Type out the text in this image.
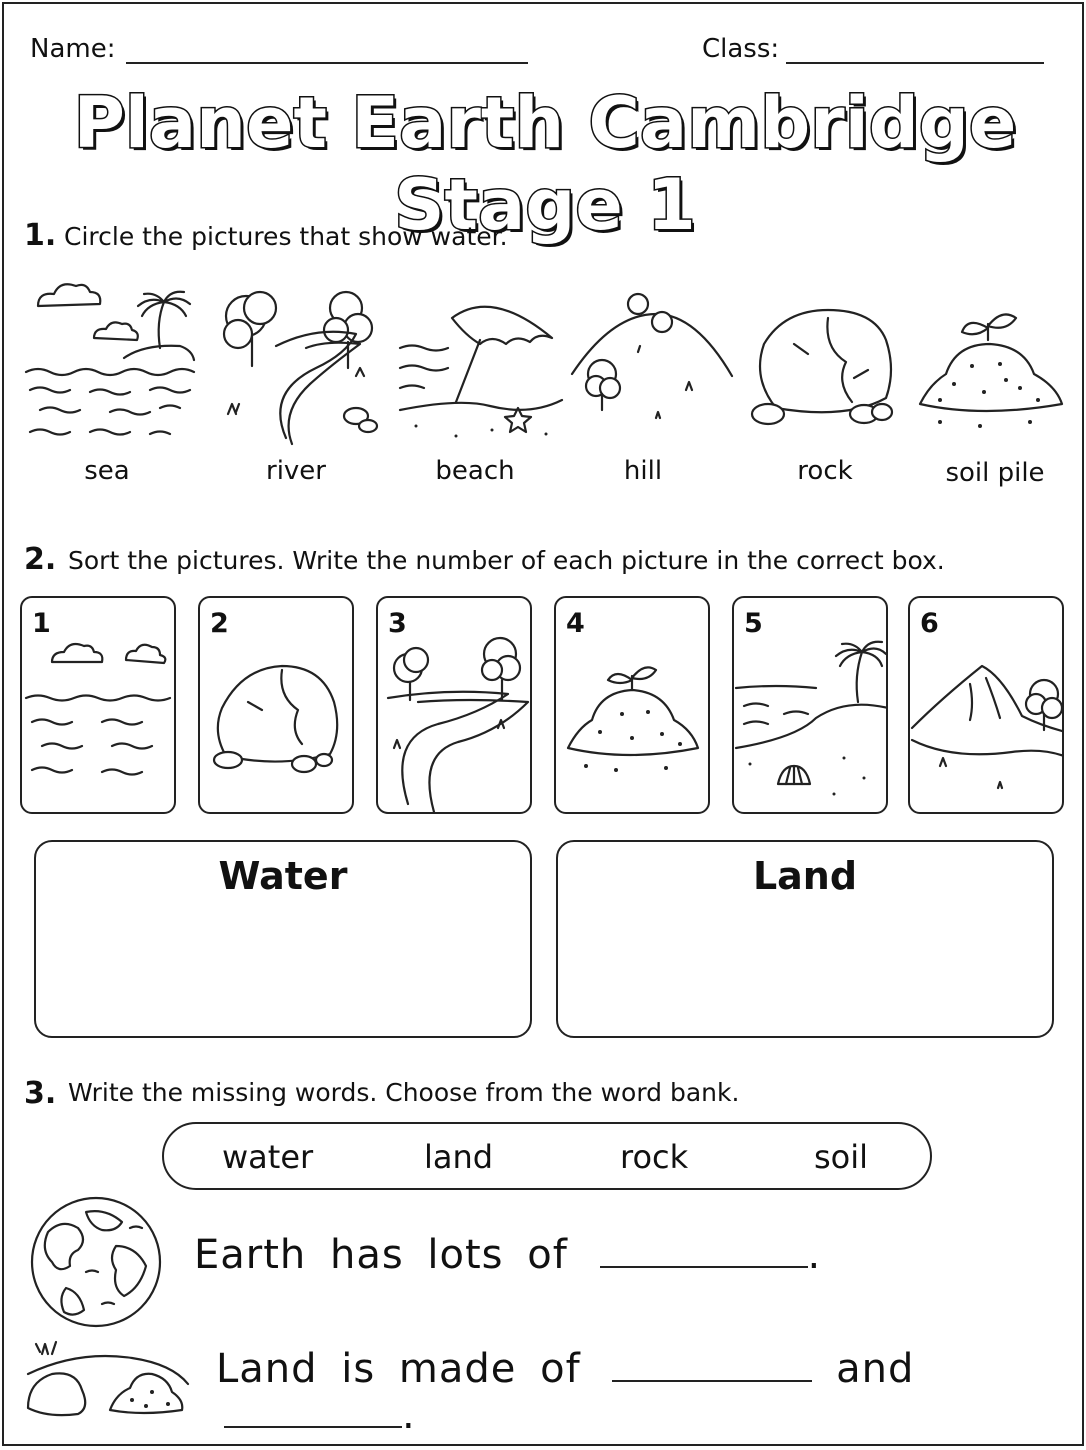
Name:	Class:
Planet Earth Cambridge Stage 1
1. Circle the pictures that show water.
sea	river	beach	hill	rock	soil pile
2. Sort the pictures. Write the number of each picture in the correct box.
1	2	3	4	5	6
Water	Land
3. Write the missing words. Choose from the word bank.
water	land	rock	soil
Earth has lots of	.
Land is made of	and .
